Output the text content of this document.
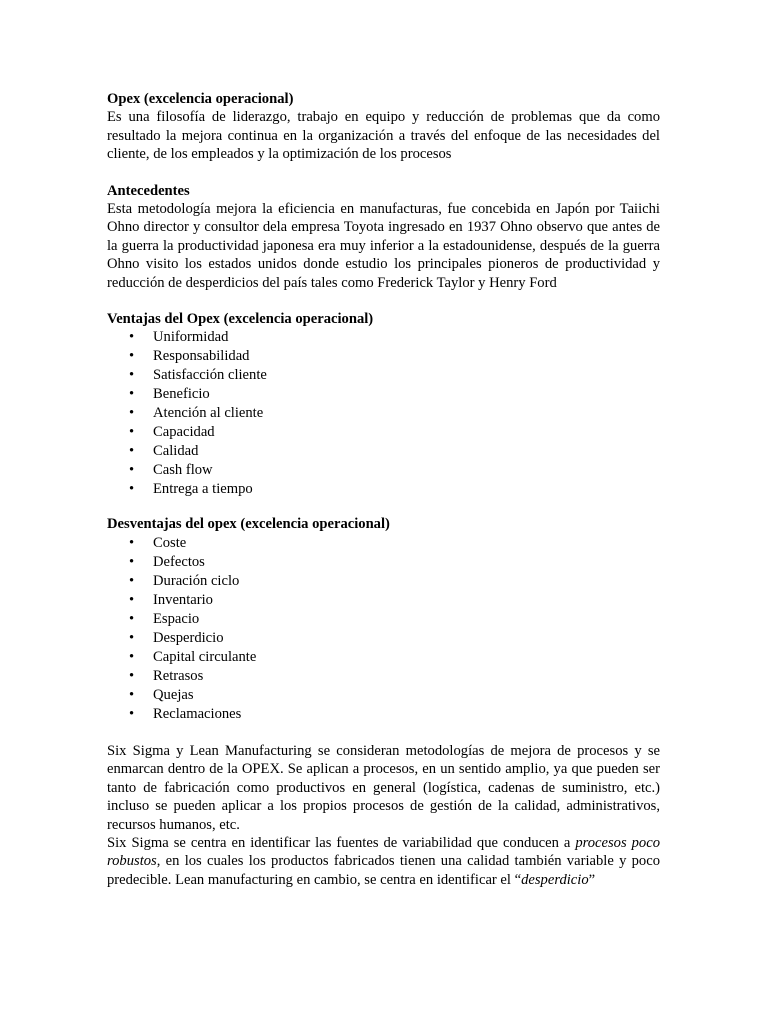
Opex (excelencia operacional)

Es una filosofía de liderazgo, trabajo en equipo y reducción de problemas que da como resultado la mejora continua en la organización a través del enfoque de las necesidades del cliente, de los empleados y la optimización de los procesos

Antecedentes

Esta metodología mejora la eficiencia en manufacturas, fue concebida en Japón por Taiichi Ohno director y consultor dela empresa Toyota ingresado en 1937 Ohno observo que antes de la guerra la productividad japonesa era muy inferior a la estadounidense, después de la guerra Ohno visito los estados unidos donde estudio los principales pioneros de productividad y reducción de desperdicios del país tales como Frederick Taylor y Henry Ford

Ventajas del Opex (excelencia operacional)

• Uniformidad
• Responsabilidad
• Satisfacción cliente
• Beneficio
• Atención al cliente
• Capacidad
• Calidad
• Cash flow
• Entrega a tiempo

Desventajas del opex (excelencia operacional)

• Coste
• Defectos
• Duración ciclo
• Inventario
• Espacio
• Desperdicio
• Capital circulante
• Retrasos
• Quejas
• Reclamaciones

Six Sigma y Lean Manufacturing se consideran metodologías de mejora de procesos y se enmarcan dentro de la OPEX. Se aplican a procesos, en un sentido amplio, ya que pueden ser tanto de fabricación como productivos en general (logística, cadenas de suministro, etc.) incluso se pueden aplicar a los propios procesos de gestión de la calidad, administrativos, recursos humanos, etc.

Six Sigma se centra en identificar las fuentes de variabilidad que conducen a procesos poco robustos, en los cuales los productos fabricados tienen una calidad también variable y poco predecible. Lean manufacturing en cambio, se centra en identificar el “desperdicio”
